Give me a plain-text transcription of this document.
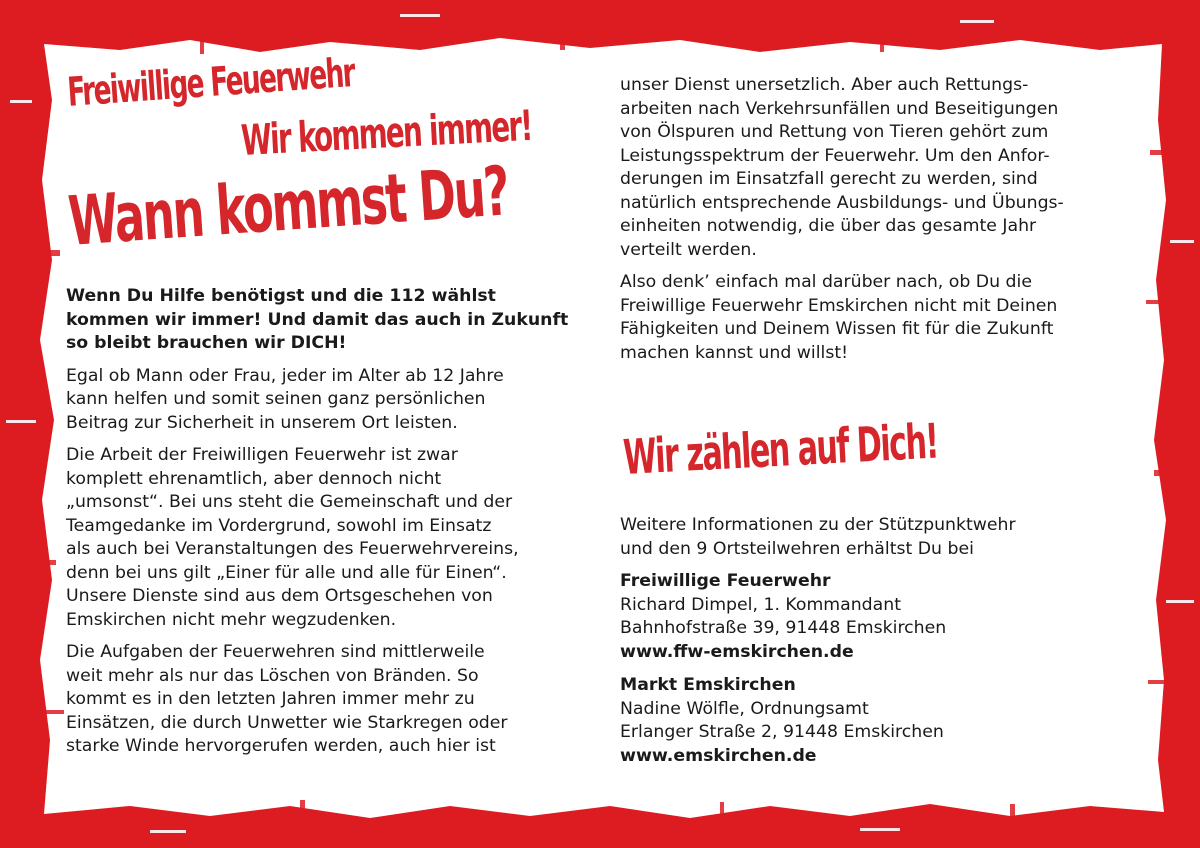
Freiwillige Feuerwehr
Wir kommen immer!
Wann kommst Du?

Wenn Du Hilfe benötigst und die 112 wählst
kommen wir immer! Und damit das auch in Zukunft
so bleibt brauchen wir DICH!

Egal ob Mann oder Frau, jeder im Alter ab 12 Jahre
kann helfen und somit seinen ganz persönlichen
Beitrag zur Sicherheit in unserem Ort leisten.

Die Arbeit der Freiwilligen Feuerwehr ist zwar
komplett ehrenamtlich, aber dennoch nicht
„umsonst“. Bei uns steht die Gemeinschaft und der
Teamgedanke im Vordergrund, sowohl im Einsatz
als auch bei Veranstaltungen des Feuerwehrvereins,
denn bei uns gilt „Einer für alle und alle für Einen“.
Unsere Dienste sind aus dem Ortsgeschehen von
Emskirchen nicht mehr wegzudenken.

Die Aufgaben der Feuerwehren sind mittlerweile
weit mehr als nur das Löschen von Bränden. So
kommt es in den letzten Jahren immer mehr zu
Einsätzen, die durch Unwetter wie Starkregen oder
starke Winde hervorgerufen werden, auch hier ist

unser Dienst unersetzlich. Aber auch Rettungs-
arbeiten nach Verkehrsunfällen und Beseitigungen
von Ölspuren und Rettung von Tieren gehört zum
Leistungsspektrum der Feuerwehr. Um den Anfor-
derungen im Einsatzfall gerecht zu werden, sind
natürlich entsprechende Ausbildungs- und Übungs-
einheiten notwendig, die über das gesamte Jahr
verteilt werden.

Also denk’ einfach mal darüber nach, ob Du die
Freiwillige Feuerwehr Emskirchen nicht mit Deinen
Fähigkeiten und Deinem Wissen fit für die Zukunft
machen kannst und willst!

Wir zählen auf Dich!

Weitere Informationen zu der Stützpunktwehr
und den 9 Ortsteilwehren erhältst Du bei

Freiwillige Feuerwehr
Richard Dimpel, 1. Kommandant
Bahnhofstraße 39, 91448 Emskirchen
www.ffw-emskirchen.de
Markt Emskirchen
Nadine Wölfle, Ordnungsamt
Erlanger Straße 2, 91448 Emskirchen
www.emskirchen.de
